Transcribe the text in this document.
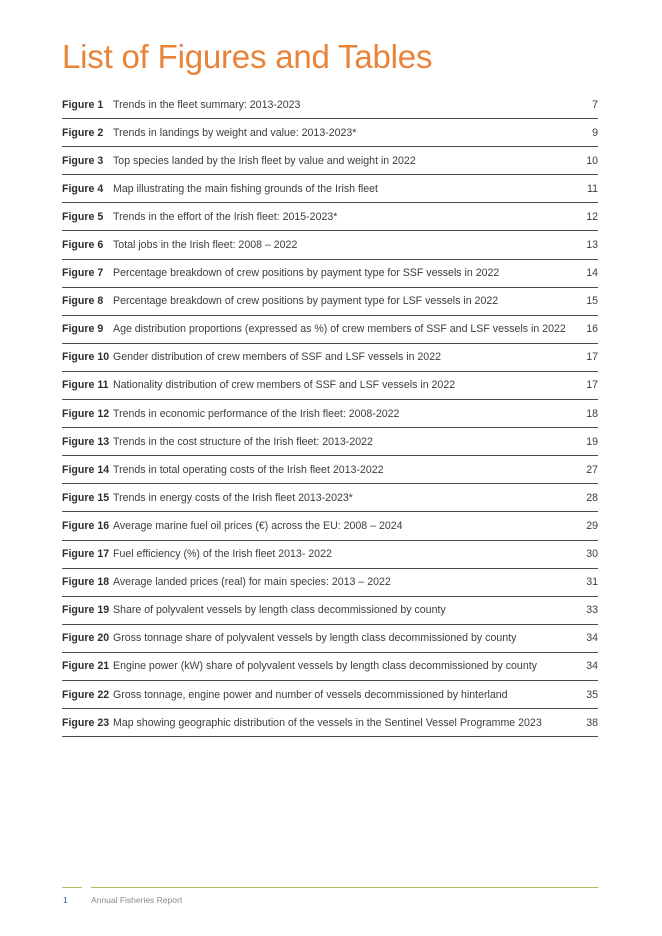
List of Figures and Tables
Figure 1 Trends in the fleet summary: 2013-2023	7
Figure 2 Trends in landings by weight and value: 2013-2023*	9
Figure 3 Top species landed by the Irish fleet by value and weight in 2022	10
Figure 4 Map illustrating the main fishing grounds of the Irish fleet	11
Figure 5 Trends in the effort of the Irish fleet: 2015-2023*	12
Figure 6 Total jobs in the Irish fleet: 2008 – 2022	13
Figure 7 Percentage breakdown of crew positions by payment type for SSF vessels in 2022	14
Figure 8 Percentage breakdown of crew positions by payment type for LSF vessels in 2022	15
Figure 9 Age distribution proportions (expressed as %) of crew members of SSF and LSF vessels in 2022	16
Figure 10 Gender distribution of crew members of SSF and LSF vessels in 2022	17
Figure 11 Nationality distribution of crew members of SSF and LSF vessels in 2022	17
Figure 12 Trends in economic performance of the Irish fleet: 2008-2022	18
Figure 13 Trends in the cost structure of the Irish fleet: 2013-2022	19
Figure 14 Trends in total operating costs of the Irish fleet 2013-2022	27
Figure 15 Trends in energy costs of the Irish fleet 2013-2023*	28
Figure 16 Average marine fuel oil prices (€) across the EU: 2008 – 2024	29
Figure 17 Fuel efficiency (%) of the Irish fleet 2013- 2022	30
Figure 18 Average landed prices (real) for main species: 2013 – 2022	31
Figure 19 Share of polyvalent vessels by length class decommissioned by county	33
Figure 20 Gross tonnage share of polyvalent vessels by length class decommissioned by county	34
Figure 21 Engine power (kW) share of polyvalent vessels by length class decommissioned by county	34
Figure 22 Gross tonnage, engine power and number of vessels decommissioned by hinterland	35
Figure 23 Map showing geographic distribution of the vessels in the Sentinel Vessel Programme 2023	38
1	Annual Fisheries Report
